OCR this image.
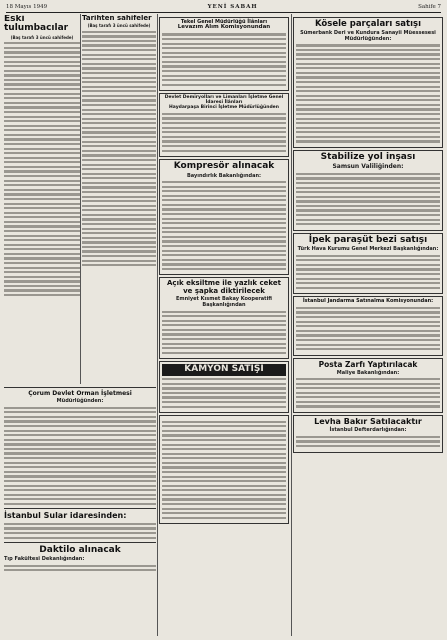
18 Mayıs 1949	YENİ SABAH	Sahife 7
Eski tulumbacılar
(Baş tarafı 3 üncü sahifede)
Tarihten sahifeler
(Baş tarafı 3 üncü sahifede)
Çorum Devlet Orman İşletmesi
Müdürlüğünden:
İstanbul Sular idaresinden:
Daktilo alınacak
Tıp Fakültesi Dekanlığından:
Tekel Genel Müdürlüğü İlânları
Levazım Alım Komisyonundan
Devlet Demiryolları ve Limanları İşletme Genel İdaresi İlânları
Haydarpaşa Birinci İşletme Müdürlüğünden
Kompresör alınacak
Bayındırlık Bakanlığından:
Açık eksiltme ile yazlık ceket ve şapka diktirilecek
Emniyet Kısmet Bakay Kooperatifi Başkanlığından
KAMYON SATIŞI
Kösele parçaları satışı
Sümerbank Deri ve Kundura Sanayii Müessesesi Müdürlüğünden:
Stabilize yol inşası
Samsun Valiliğinden:
İpek paraşüt bezi satışı
Türk Hava Kurumu Genel Merkezi Başkanlığından:
İstanbul Jandarma Satınalma Komisyonundan:
Posta Zarfı Yaptırılacak
Maliye Bakanlığından:
Levha Bakır Satılacaktır
İstanbul Defterdarlığından:
